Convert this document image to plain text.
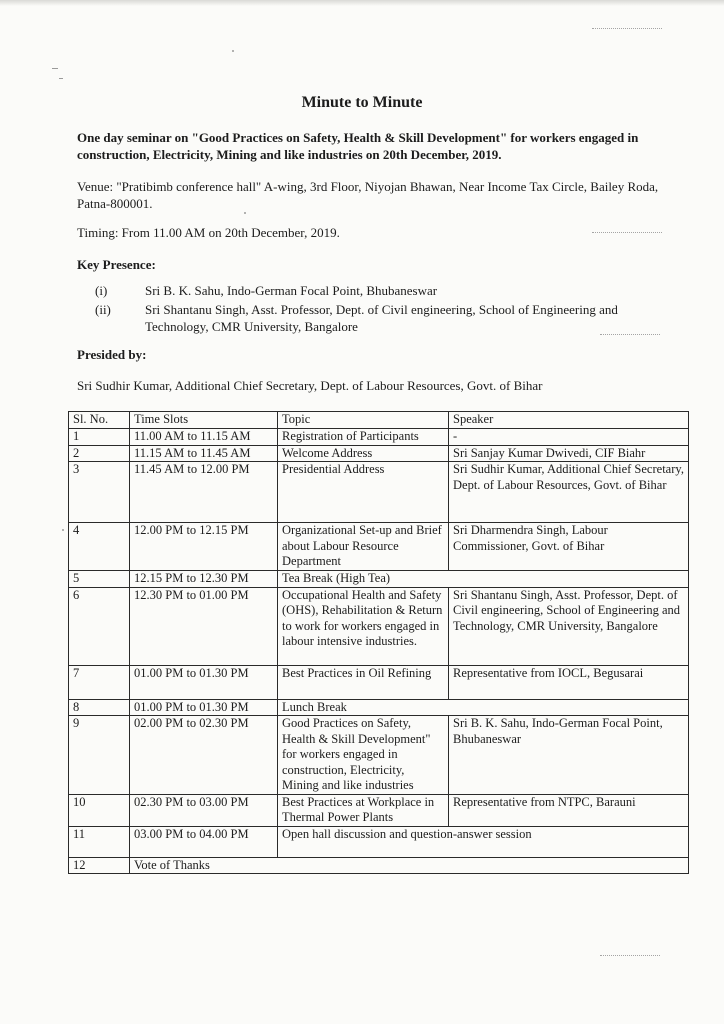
Minute to Minute
One day seminar on "Good Practices on Safety, Health & Skill Development" for workers engaged in construction, Electricity, Mining and like industries on 20th December, 2019.
Venue: "Pratibimb conference hall" A-wing, 3rd Floor, Niyojan Bhawan, Near Income Tax Circle, Bailey Roda, Patna-800001.
Timing: From 11.00 AM on 20th December, 2019.
Key Presence:
(i)	Sri B. K. Sahu, Indo-German Focal Point, Bhubaneswar
(ii)	Sri Shantanu Singh, Asst. Professor, Dept. of Civil engineering, School of Engineering and Technology, CMR University, Bangalore
Presided by:
Sri Sudhir Kumar, Additional Chief Secretary, Dept. of Labour Resources, Govt. of Bihar
Sl. No.	Time Slots	Topic	Speaker
1	11.00 AM to 11.15 AM	Registration of Participants	-
2	11.15 AM to 11.45 AM	Welcome Address	Sri Sanjay Kumar Dwivedi, CIF Biahr
3	11.45 AM to 12.00 PM	Presidential Address	Sri Sudhir Kumar, Additional Chief Secretary, Dept. of Labour Resources, Govt. of Bihar
4	12.00 PM to 12.15 PM	Organizational Set-up and Brief about Labour Resource Department	Sri Dharmendra Singh, Labour Commissioner, Govt. of Bihar
5	12.15 PM to 12.30 PM	Tea Break (High Tea)	
6	12.30 PM to 01.00 PM	Occupational Health and Safety (OHS), Rehabilitation & Return to work for workers engaged in labour intensive industries.	Sri Shantanu Singh, Asst. Professor, Dept. of Civil engineering, School of Engineering and Technology, CMR University, Bangalore
7	01.00 PM to 01.30 PM	Best Practices in Oil Refining	Representative from IOCL, Begusarai
8	01.00 PM to 01.30 PM	Lunch Break	
9	02.00 PM to 02.30 PM	Good Practices on Safety, Health & Skill Development" for workers engaged in construction, Electricity, Mining and like industries	Sri B. K. Sahu, Indo-German Focal Point, Bhubaneswar
10	02.30 PM to 03.00 PM	Best Practices at Workplace in Thermal Power Plants	Representative from NTPC, Barauni
11	03.00 PM to 04.00 PM	Open hall discussion and question-answer session	
12	Vote of Thanks		
